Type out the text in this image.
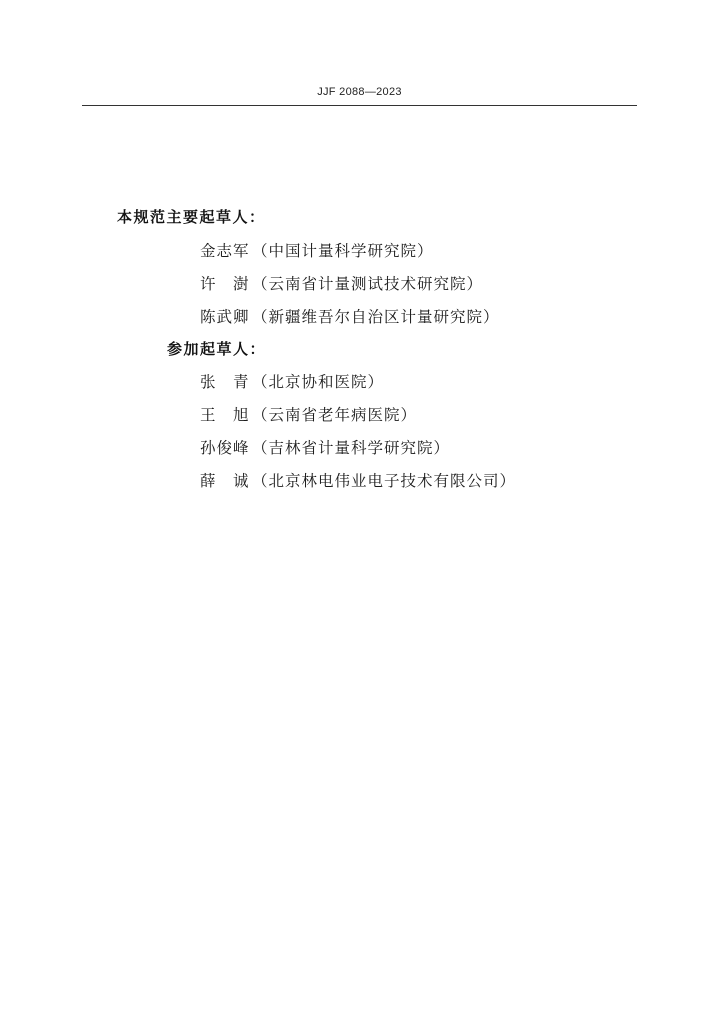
JJF 2088—2023
本规范主要起草人：
金志军 （中国计量科学研究院）
许　澍 （云南省计量测试技术研究院）
陈武卿 （新疆维吾尔自治区计量研究院）
参加起草人：
张　青 （北京协和医院）
王　旭 （云南省老年病医院）
孙俊峰 （吉林省计量科学研究院）
薛　诚 （北京林电伟业电子技术有限公司）
